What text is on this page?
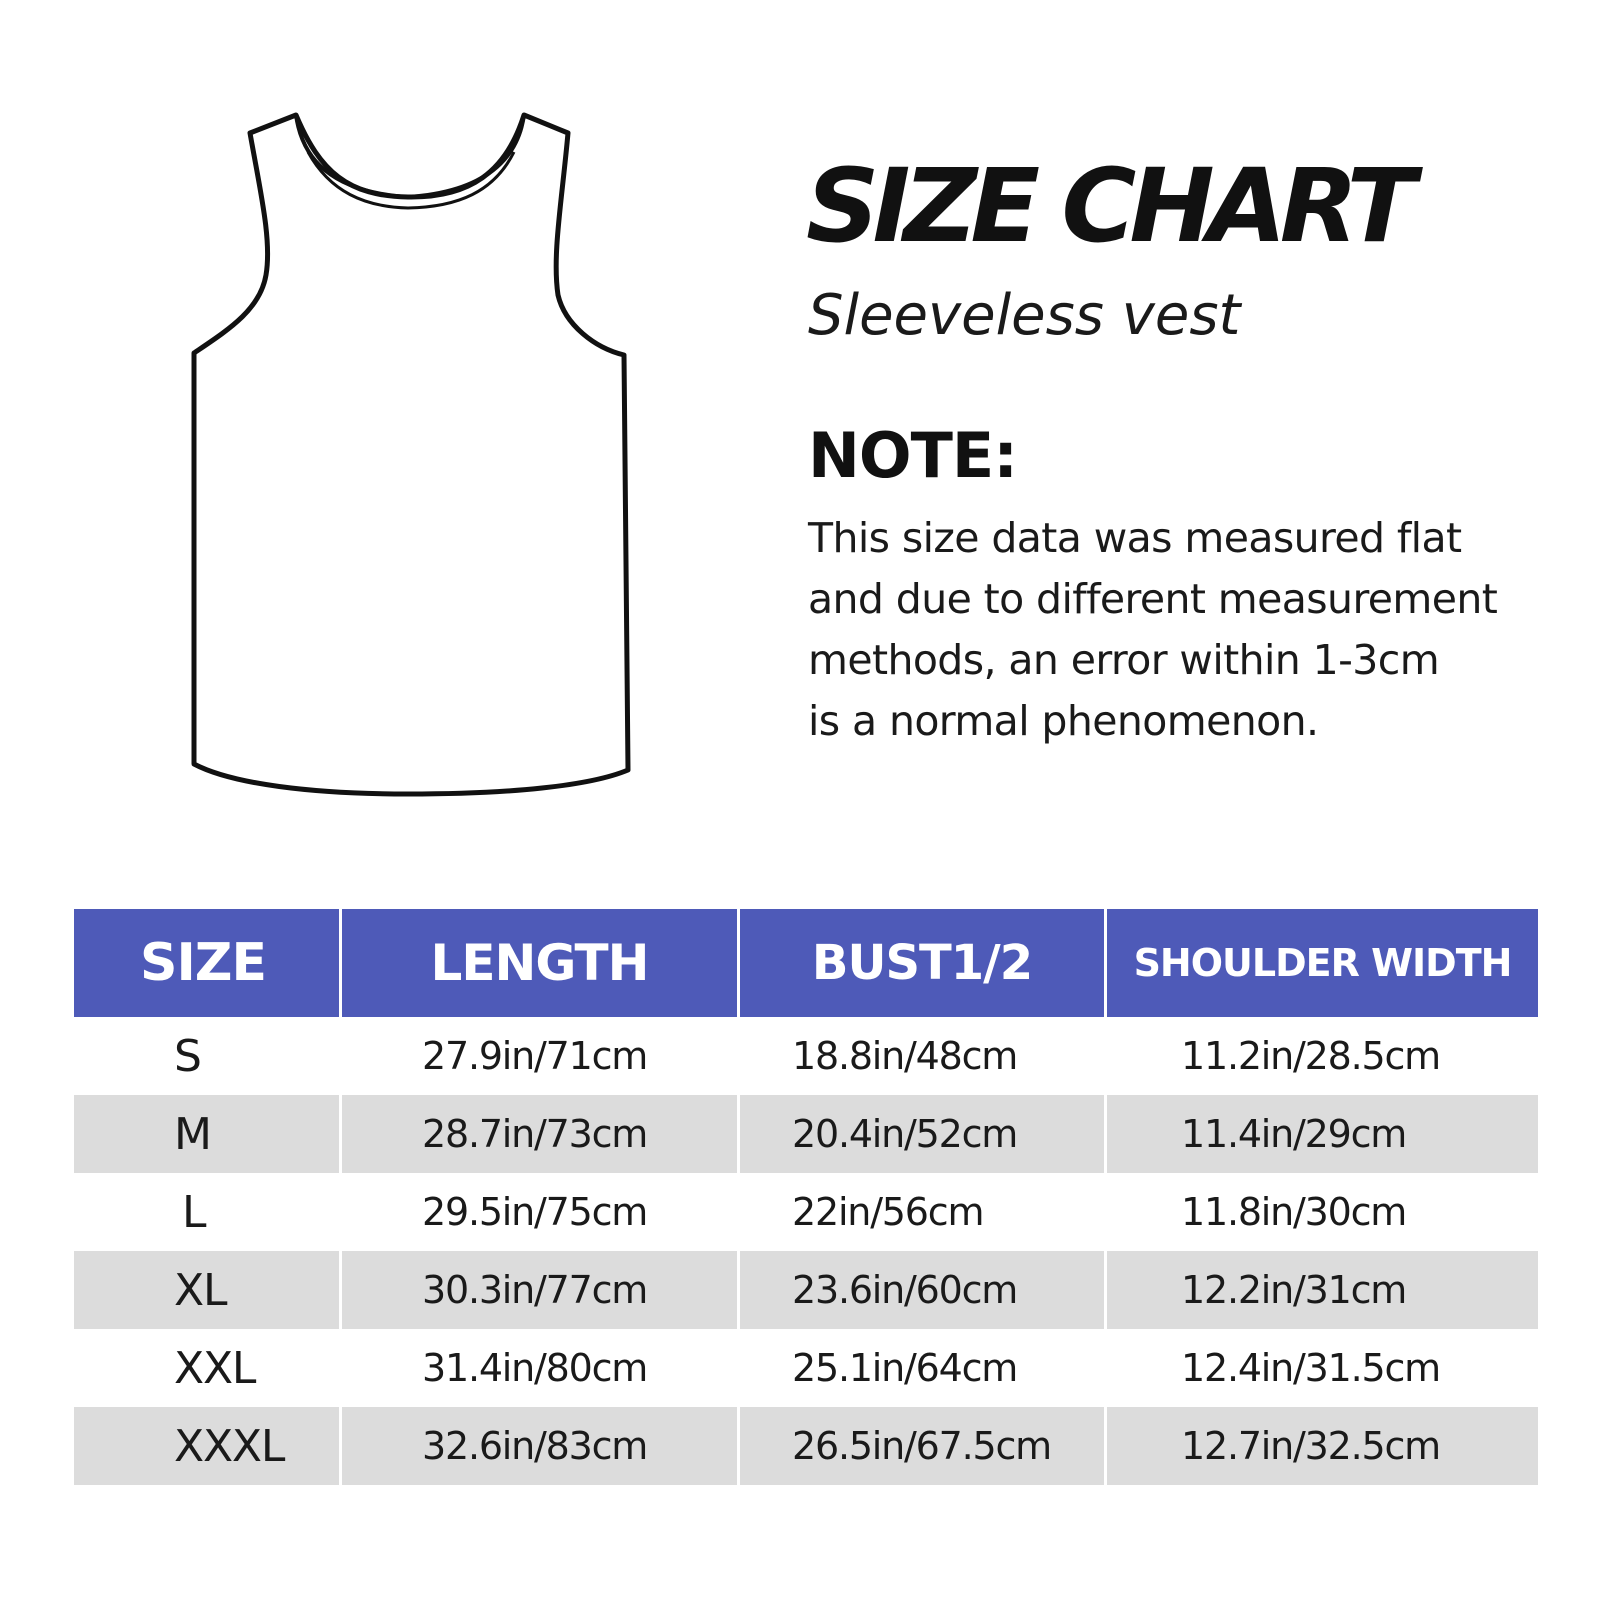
SIZE CHART
Sleeveless vest
NOTE:
This size data was measured flat
and due to different measurement
methods, an error within 1-3cm
is a normal phenomenon.
SIZE	LENGTH	BUST1/2	SHOULDER WIDTH
S	27.9in/71cm	18.8in/48cm	11.2in/28.5cm
M	28.7in/73cm	20.4in/52cm	11.4in/29cm
L	29.5in/75cm	22in/56cm	11.8in/30cm
XL	30.3in/77cm	23.6in/60cm	12.2in/31cm
XXL	31.4in/80cm	25.1in/64cm	12.4in/31.5cm
XXXL	32.6in/83cm	26.5in/67.5cm	12.7in/32.5cm
